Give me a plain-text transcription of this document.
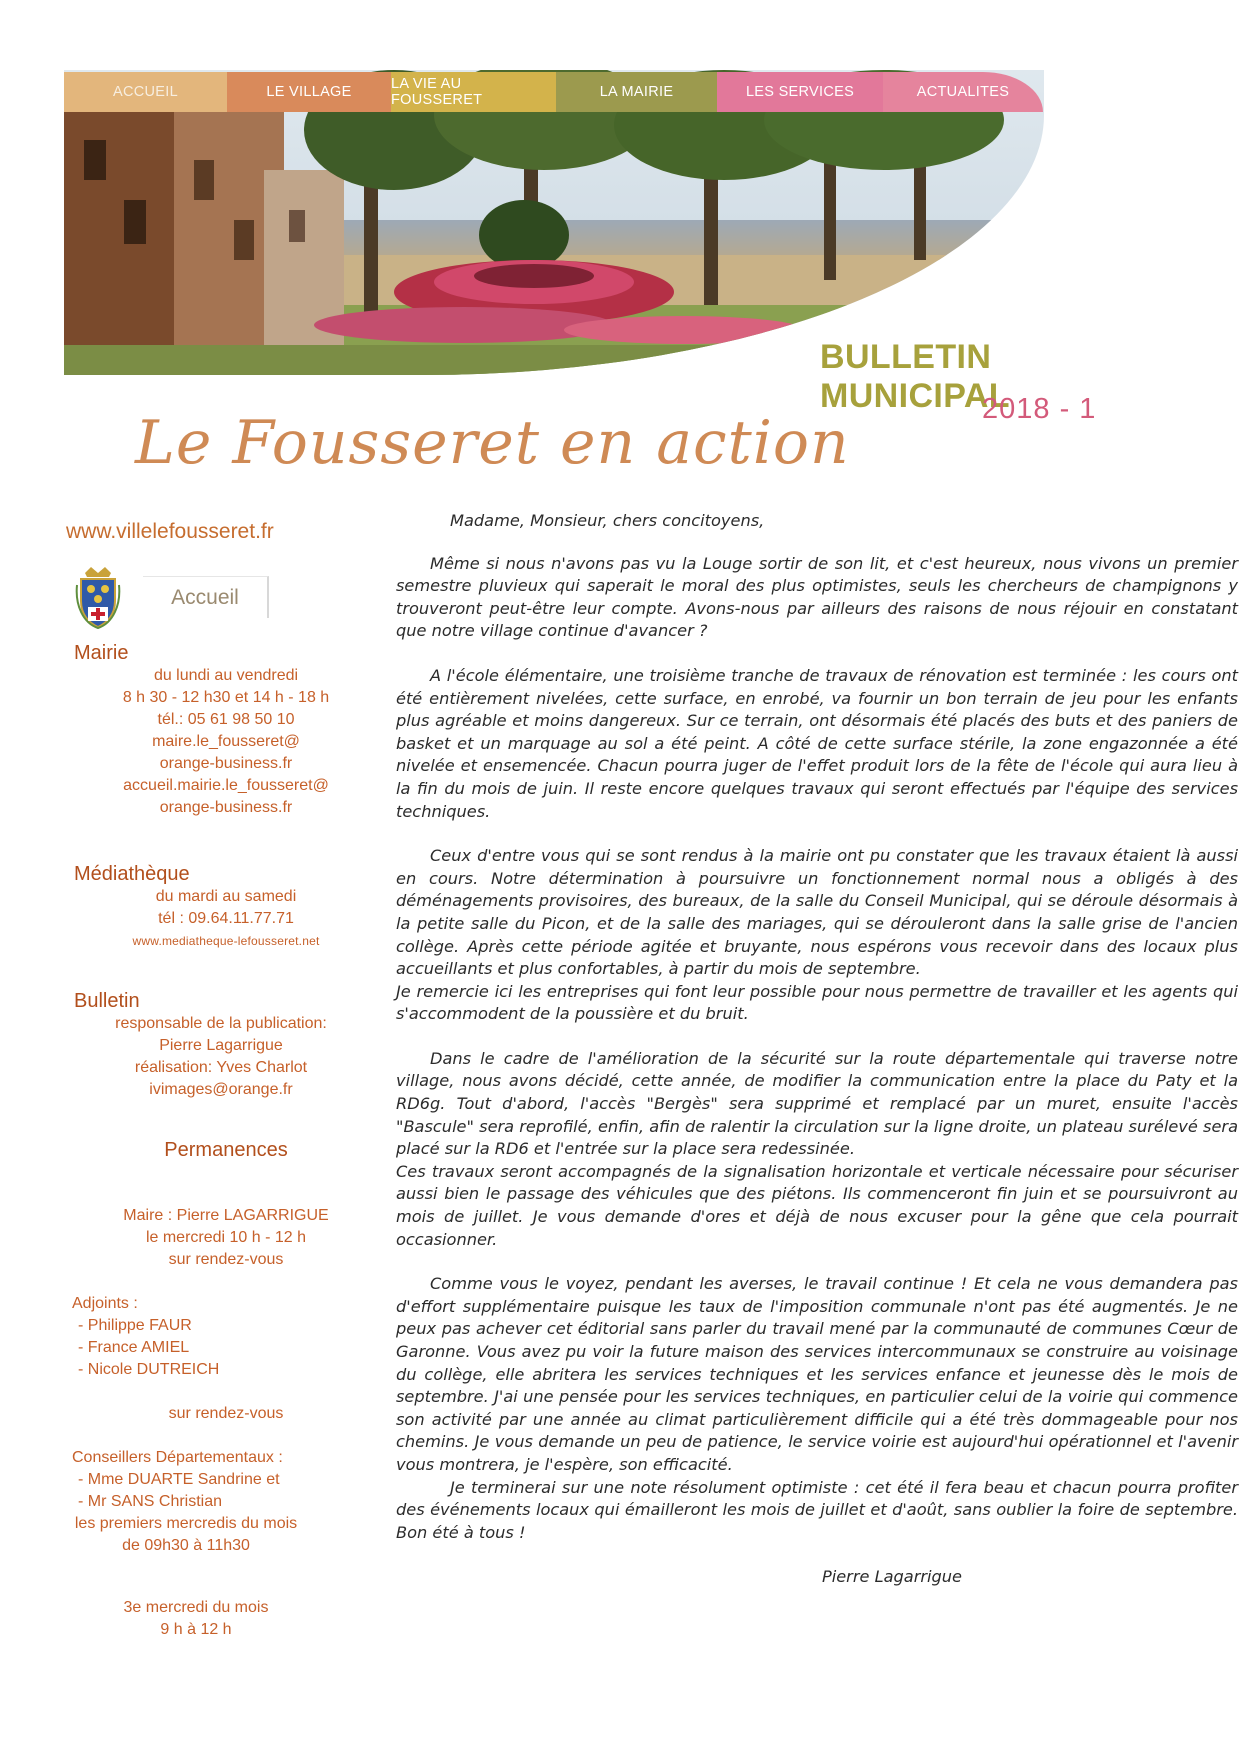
ACCUEIL	LE VILLAGE	LA VIE AU FOUSSERET	LA MAIRIE	LES SERVICES	ACTUALITES
BULLETIN MUNICIPAL
2018 - 1
Le Fousseret en action
www.villelefousseret.fr
Accueil
Mairie
du lundi au vendredi
8 h 30 - 12 h30 et 14 h - 18 h
tél.: 05 61 98 50 10
maire.le_fousseret@
orange-business.fr
accueil.mairie.le_fousseret@
orange-business.fr
Médiathèque
du mardi au samedi
tél : 09.64.11.77.71
www.mediatheque-lefousseret.net
Bulletin
responsable de la publication:
Pierre Lagarrigue
réalisation: Yves Charlot
ivimages@orange.fr
Permanences
Maire : Pierre LAGARRIGUE
le mercredi 10 h - 12 h
sur rendez-vous
Adjoints :
- Philippe FAUR
- France AMIEL
- Nicole DUTREICH
sur rendez-vous
Conseillers Départementaux :
- Mme DUARTE Sandrine et
- Mr SANS Christian
les premiers mercredis du mois
de 09h30 à 11h30
3e mercredi du mois
9 h à 12 h
Madame, Monsieur, chers concitoyens,

Même si nous n'avons pas vu la Louge sortir de son lit, et c'est heureux, nous vivons un premier semestre pluvieux qui saperait le moral des plus optimistes, seuls les chercheurs de champignons y trouveront peut-être leur compte. Avons-nous par ailleurs des raisons de nous réjouir en constatant que notre village continue d'avancer ?

A l'école élémentaire, une troisième tranche de travaux de rénovation est terminée : les cours ont été entièrement nivelées, cette surface, en enrobé, va fournir un bon terrain de jeu pour les enfants plus agréable et moins dangereux. Sur ce terrain, ont désormais été placés des buts et des paniers de basket et un marquage au sol a été peint. A côté de cette surface stérile, la zone engazonnée a été nivelée et ensemencée. Chacun pourra juger de l'effet produit lors de la fête de l'école qui aura lieu à la fin du mois de juin. Il reste encore quelques travaux qui seront effectués par l'équipe des services techniques.

Ceux d'entre vous qui se sont rendus à la mairie ont pu constater que les travaux étaient là aussi en cours. Notre détermination à poursuivre un fonctionnement normal nous a obligés à des déménagements provisoires, des bureaux, de la salle du Conseil Municipal, qui se déroule désormais à la petite salle du Picon, et de la salle des mariages, qui se dérouleront dans la salle grise de l'ancien collège. Après cette période agitée et bruyante, nous espérons vous recevoir dans des locaux plus accueillants et plus confortables, à partir du mois de septembre.

Je remercie ici les entreprises qui font leur possible pour nous permettre de travailler et les agents qui s'accommodent de la poussière et du bruit.

Dans le cadre de l'amélioration de la sécurité sur la route départementale qui traverse notre village, nous avons décidé, cette année, de modifier la communication entre la place du Paty et la RD6g. Tout d'abord, l'accès "Bergès" sera supprimé et remplacé par un muret, ensuite l'accès "Bascule" sera reprofilé, enfin, afin de ralentir la circulation sur la ligne droite, un plateau surélevé sera placé sur la RD6 et l'entrée sur la place sera redessinée.

Ces travaux seront accompagnés de la signalisation horizontale et verticale nécessaire pour sécuriser aussi bien le passage des véhicules que des piétons. Ils commenceront fin juin et se poursuivront au mois de juillet. Je vous demande d'ores et déjà de nous excuser pour la gêne que cela pourrait occasionner.

Comme vous le voyez, pendant les averses, le travail continue ! Et cela ne vous demandera pas d'effort supplémentaire puisque les taux de l'imposition communale n'ont pas été augmentés. Je ne peux pas achever cet éditorial sans parler du travail mené par la communauté de communes Cœur de Garonne. Vous avez pu voir la future maison des services intercommunaux se construire au voisinage du collège, elle abritera les services techniques et les services enfance et jeunesse dès le mois de septembre. J'ai une pensée pour les services techniques, en particulier celui de la voirie qui commence son activité par une année au climat particulièrement difficile qui a été très dommageable pour nos chemins. Je vous demande un peu de patience, le service voirie est aujourd'hui opérationnel et l'avenir vous montrera, je l'espère, son efficacité.

Je terminerai sur une note résolument optimiste : cet été il fera beau et chacun pourra profiter des événements locaux qui émailleront les mois de juillet et d'août, sans oublier la foire de septembre. Bon été à tous !

Pierre Lagarrigue
